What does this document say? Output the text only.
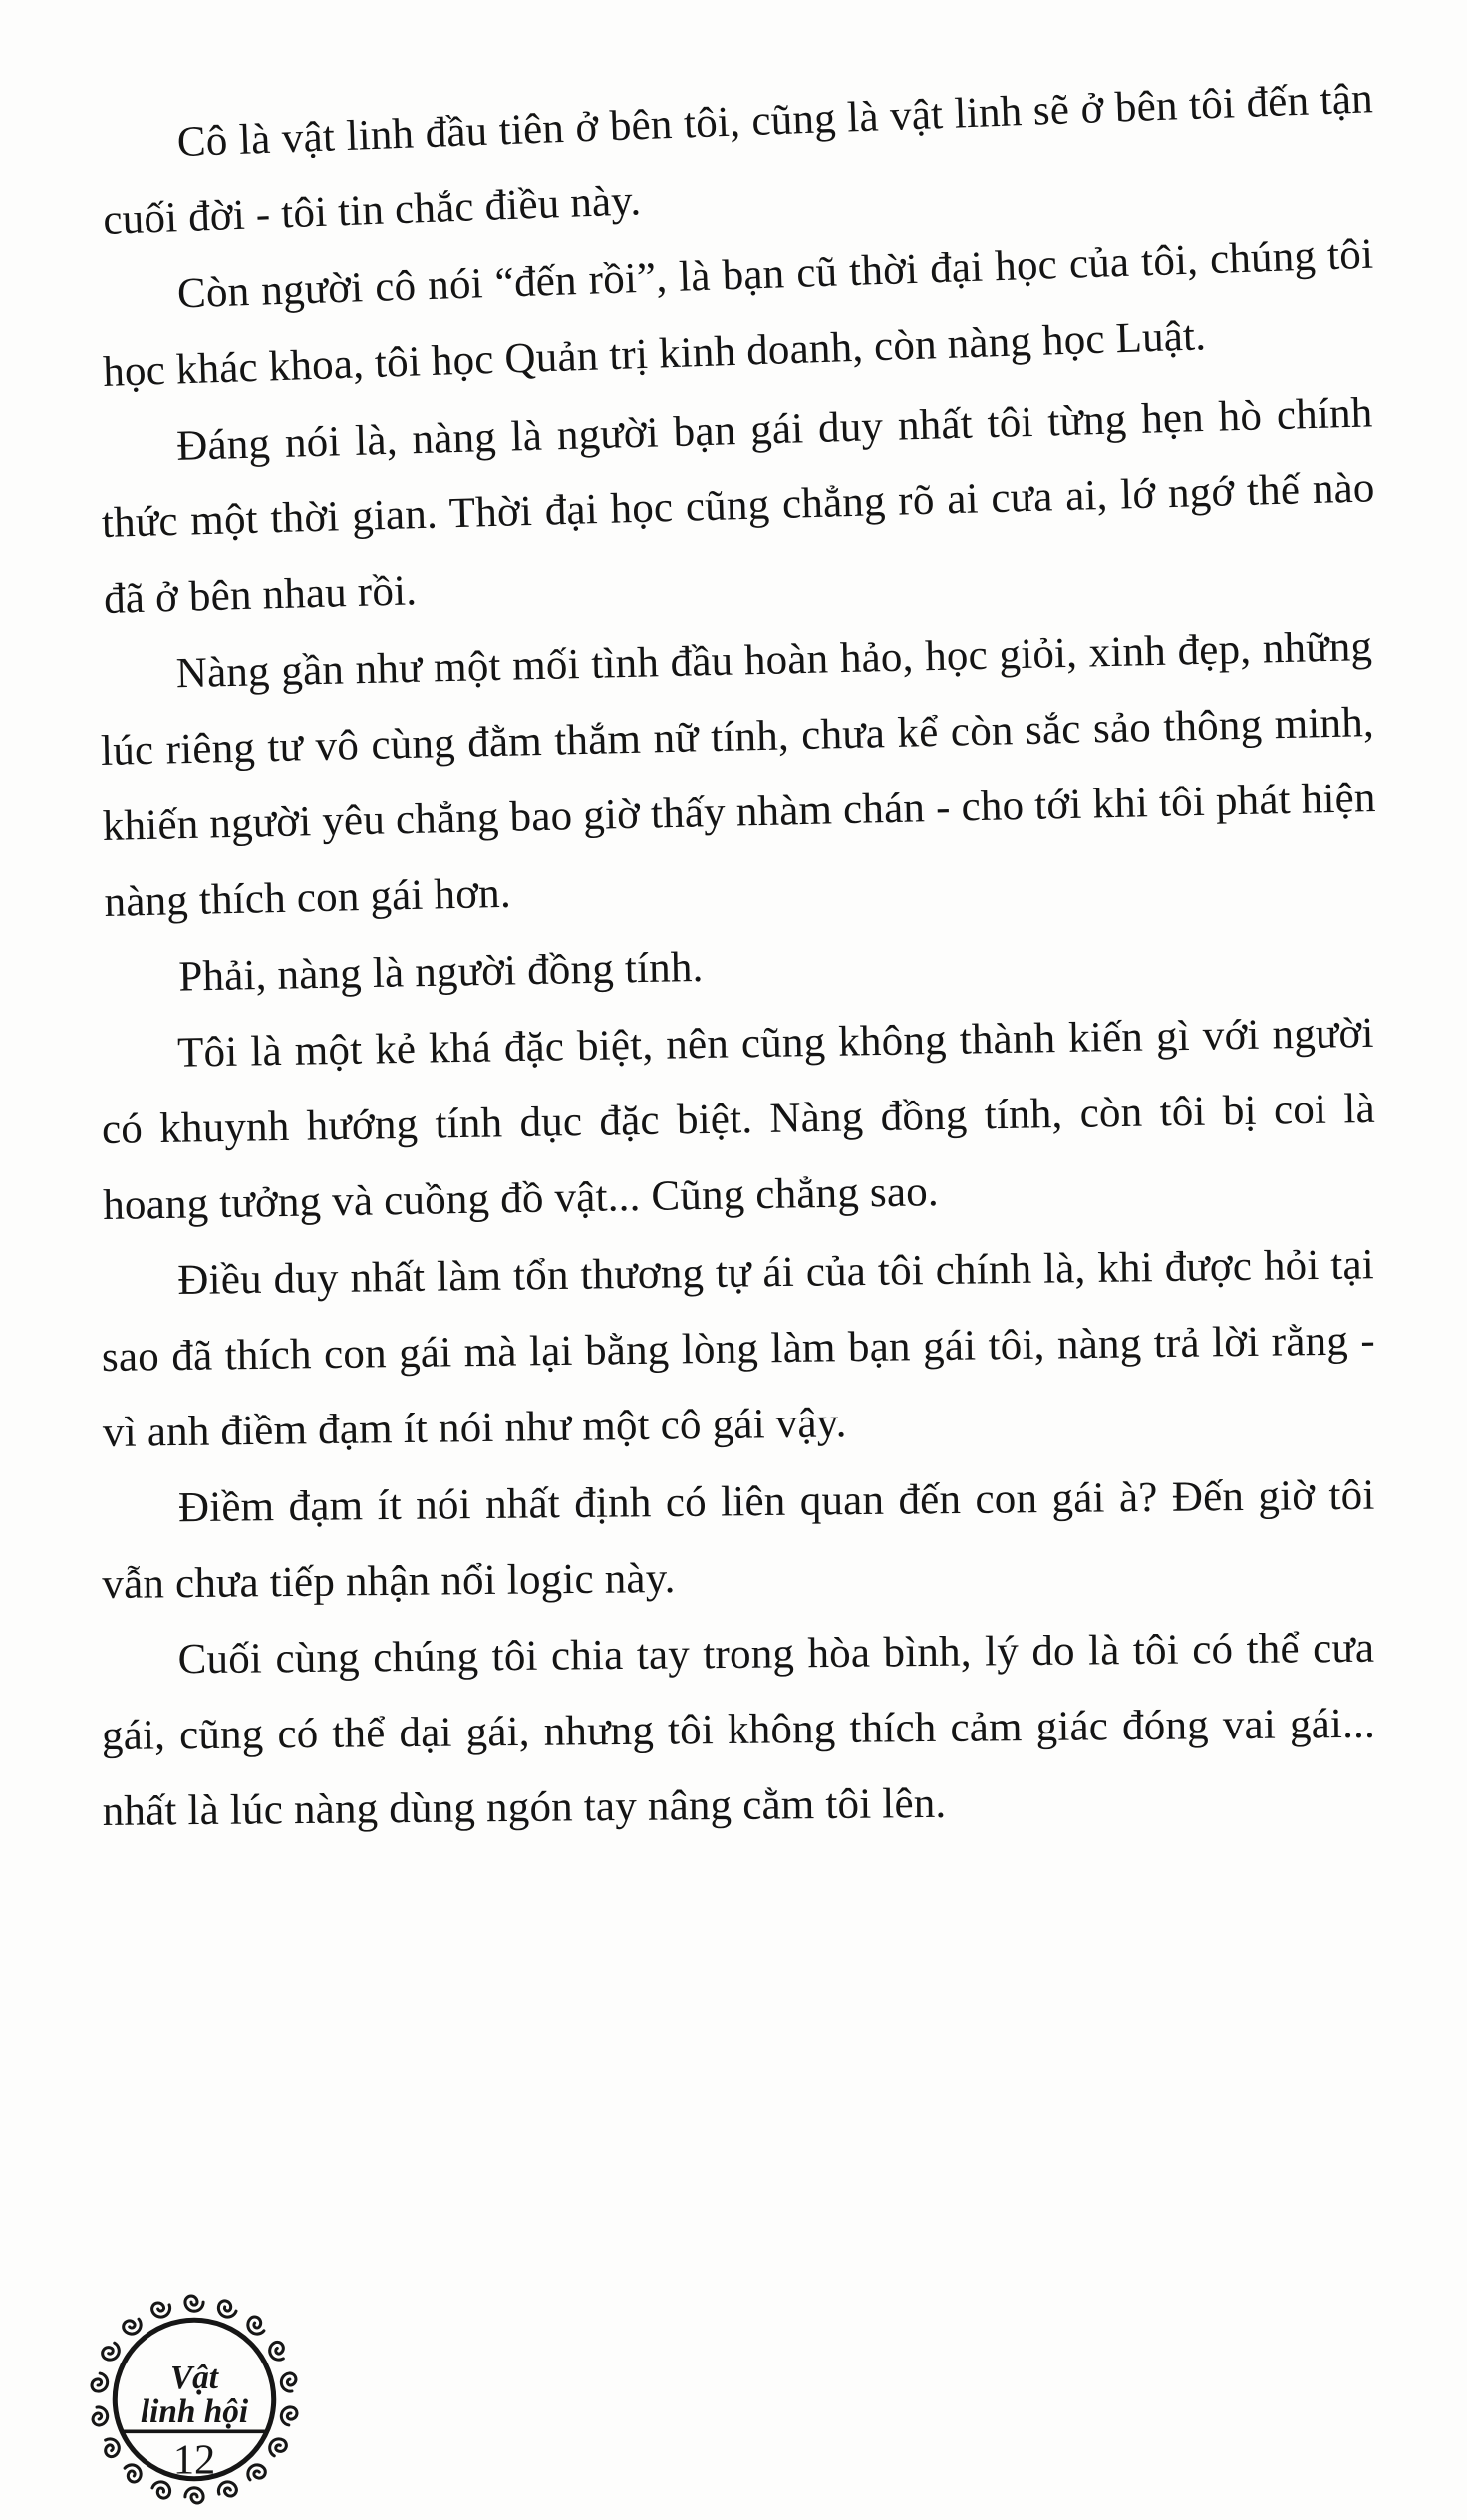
Cô là vật linh đầu tiên ở bên tôi, cũng là vật linh sẽ ở bên tôi đến tận cuối đời - tôi tin chắc điều này.

Còn người cô nói “đến rồi”, là bạn cũ thời đại học của tôi, chúng tôi học khác khoa, tôi học Quản trị kinh doanh, còn nàng học Luật.

Đáng nói là, nàng là người bạn gái duy nhất tôi từng hẹn hò chính thức một thời gian. Thời đại học cũng chẳng rõ ai cưa ai, lớ ngớ thế nào đã ở bên nhau rồi.

Nàng gần như một mối tình đầu hoàn hảo, học giỏi, xinh đẹp, những lúc riêng tư vô cùng đằm thắm nữ tính, chưa kể còn sắc sảo thông minh, khiến người yêu chẳng bao giờ thấy nhàm chán - cho tới khi tôi phát hiện nàng thích con gái hơn.

Phải, nàng là người đồng tính.

Tôi là một kẻ khá đặc biệt, nên cũng không thành kiến gì với người có khuynh hướng tính dục đặc biệt. Nàng đồng tính, còn tôi bị coi là hoang tưởng và cuồng đồ vật... Cũng chẳng sao.

Điều duy nhất làm tổn thương tự ái của tôi chính là, khi được hỏi tại sao đã thích con gái mà lại bằng lòng làm bạn gái tôi, nàng trả lời rằng - vì anh điềm đạm ít nói như một cô gái vậy.

Điềm đạm ít nói nhất định có liên quan đến con gái à? Đến giờ tôi vẫn chưa tiếp nhận nổi logic này.

Cuối cùng chúng tôi chia tay trong hòa bình, lý do là tôi có thể cưa gái, cũng có thể dại gái, nhưng tôi không thích cảm giác đóng vai gái... nhất là lúc nàng dùng ngón tay nâng cằm tôi lên.

Vật
linh hội
12
